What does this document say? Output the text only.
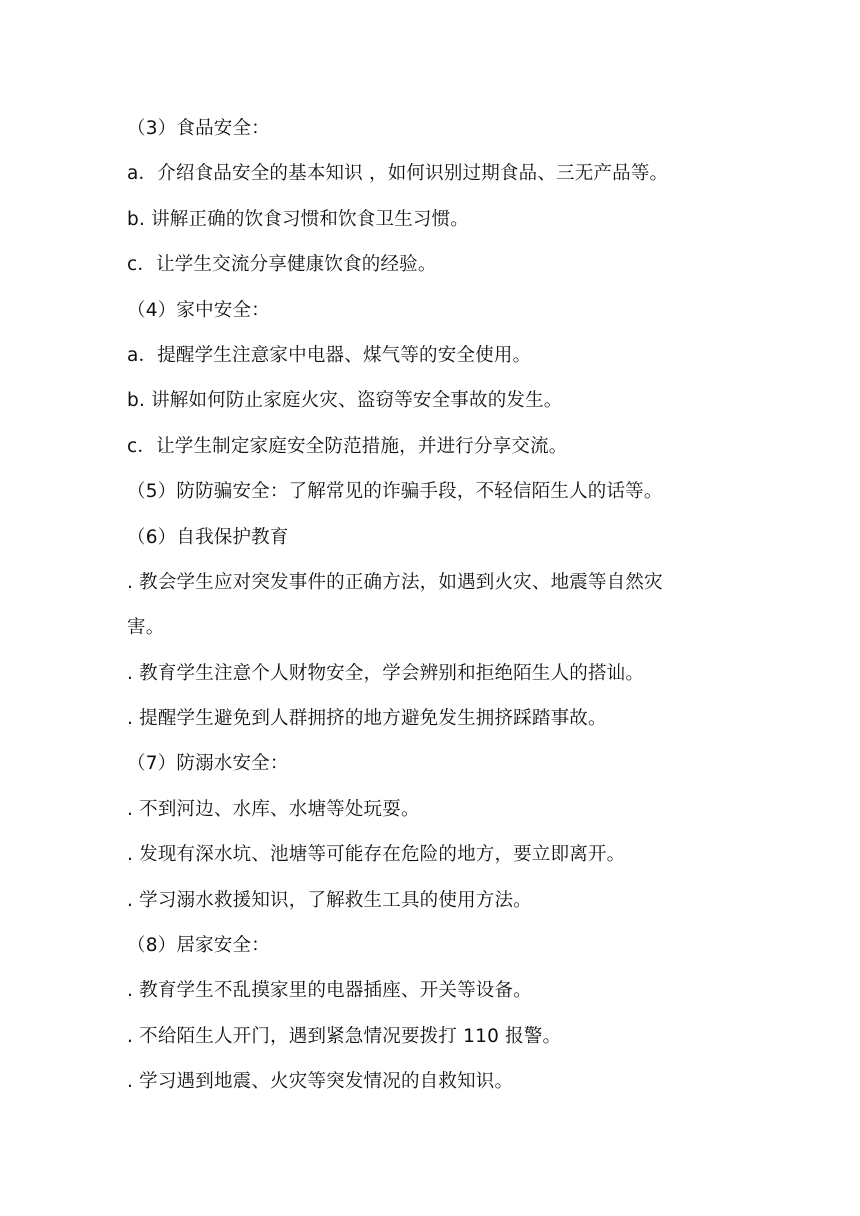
（3）食品安全：
a．介绍食品安全的基本知识 ，如何识别过期食品、三无产品等。
b. 讲解正确的饮食习惯和饮食卫生习惯。
c．让学生交流分享健康饮食的经验。
（4）家中安全：
a．提醒学生注意家中电器、煤气等的安全使用。
b. 讲解如何防止家庭火灾、盗窃等安全事故的发生。
c．让学生制定家庭安全防范措施，并进行分享交流。
（5）防防骗安全：了解常见的诈骗手段，不轻信陌生人的话等。
（6）自我保护教育
. 教会学生应对突发事件的正确方法，如遇到火灾、地震等自然灾
害。
. 教育学生注意个人财物安全，学会辨别和拒绝陌生人的搭讪。
. 提醒学生避免到人群拥挤的地方避免发生拥挤踩踏事故。
（7）防溺水安全：
. 不到河边、水库、水塘等处玩耍。
. 发现有深水坑、池塘等可能存在危险的地方，要立即离开。
. 学习溺水救援知识，了解救生工具的使用方法。
（8）居家安全：
. 教育学生不乱摸家里的电器插座、开关等设备。
. 不给陌生人开门，遇到紧急情况要拨打 110 报警。
. 学习遇到地震、火灾等突发情况的自救知识。
